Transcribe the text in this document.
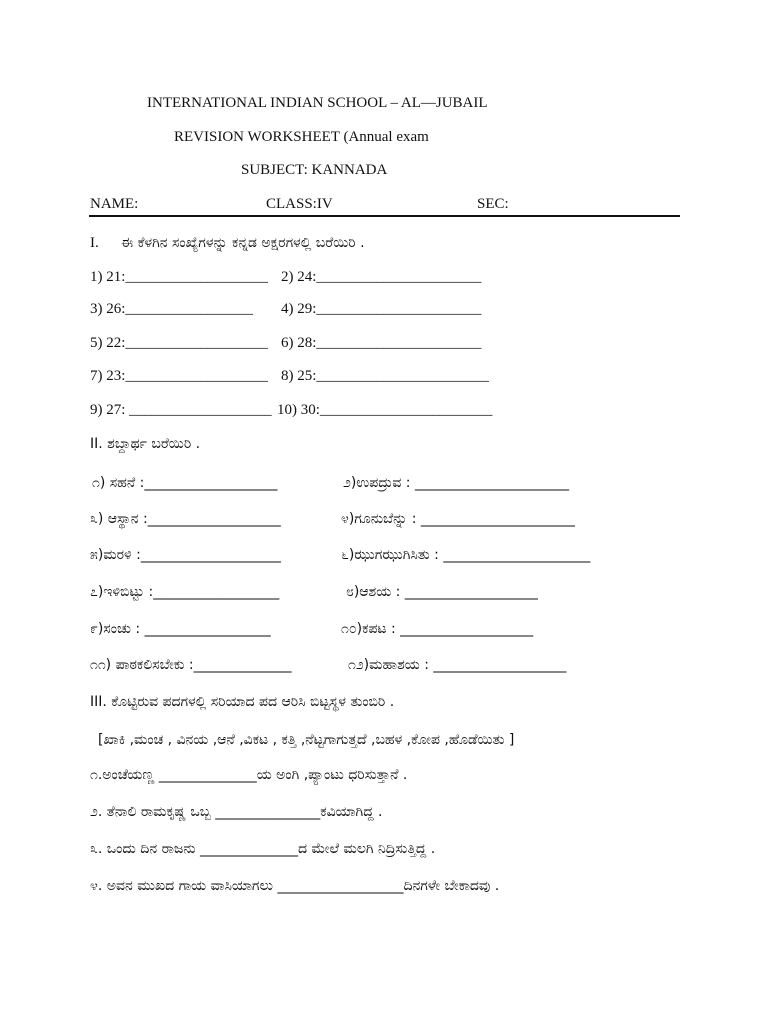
INTERNATIONAL INDIAN SCHOOL – AL—JUBAIL
REVISION WORKSHEET (Annual exam
SUBJECT: KANNADA
NAME:	CLASS:IV	SEC:
I. ಈ ಕೆಳಗಿನ ಸಂಖ್ಯೆಗಳನ್ನು ಕನ್ನಡ ಅಕ್ಷರಗಳಲ್ಲಿ ಬರೆಯಿರಿ .
1) 21:___________________ 2) 24:______________________
3) 26:_________________ 4) 29:______________________
5) 22:___________________ 6) 28:______________________
7) 23:___________________ 8) 25:_______________________
9) 27: ___________________ 10) 30:_______________________
II. ಶಬ್ದಾರ್ಥ ಬರೆಯಿರಿ .
೧) ಸಹನೆ :___________________	೨)ಉಪದ್ರುವ : ______________________
೩) ಆಸ್ಥಾನ :___________________	೪)ಗೂನುಬೆನ್ನು : ______________________
೫)ಮರಳಿ :____________________	೬)ಝುಗಝುಗಿಸಿತು : _____________________
೭)ಇಳಿಬಿಟ್ಟು :__________________	೮)ಆಶಯ : ___________________
೯)ಸಂಚು : __________________	೧೦)ಕಪಟ : ___________________
೧೧) ಪಾಠಕಲಿಸಬೇಕು :______________	೧೨)ಮಹಾಶಯ : ___________________
III. ಕೊಟ್ಟಿರುವ ಪದಗಳಲ್ಲಿ ಸರಿಯಾದ ಪದ ಆರಿಸಿ ಬಿಟ್ಟಸ್ಥಳ ತುಂಬಿರಿ .
[ಖಾಕಿ ,ಮಂಚ , ವಿನಯ ,ಆನೆ ,ವಿಕಟ , ಕತ್ತಿ ,ನೆಟ್ಟಗಾಗುತ್ತದೆ ,ಬಹಳ ,ಕೋಪ ,ಹೊಡೆಯಿತು ]
೧.ಅಂಚೆಯಣ್ಣ ______________ಯ ಅಂಗಿ ,ಪ್ಯಾಂಟು ಧರಿಸುತ್ತಾನೆ .
೨. ತೆನಾಲಿ ರಾಮಕೃಷ್ಣ ಒಬ್ಬ _______________ಕವಿಯಾಗಿದ್ದ .
೩. ಒಂದು ದಿನ ರಾಜನು ______________ದ ಮೇಲೆ ಮಲಗಿ ನಿದ್ರಿಸುತ್ತಿದ್ದ .
೪. ಅವನ ಮುಖದ ಗಾಯ ವಾಸಿಯಾಗಲು __________________ದಿನಗಳೇ ಬೇಕಾದವು .
